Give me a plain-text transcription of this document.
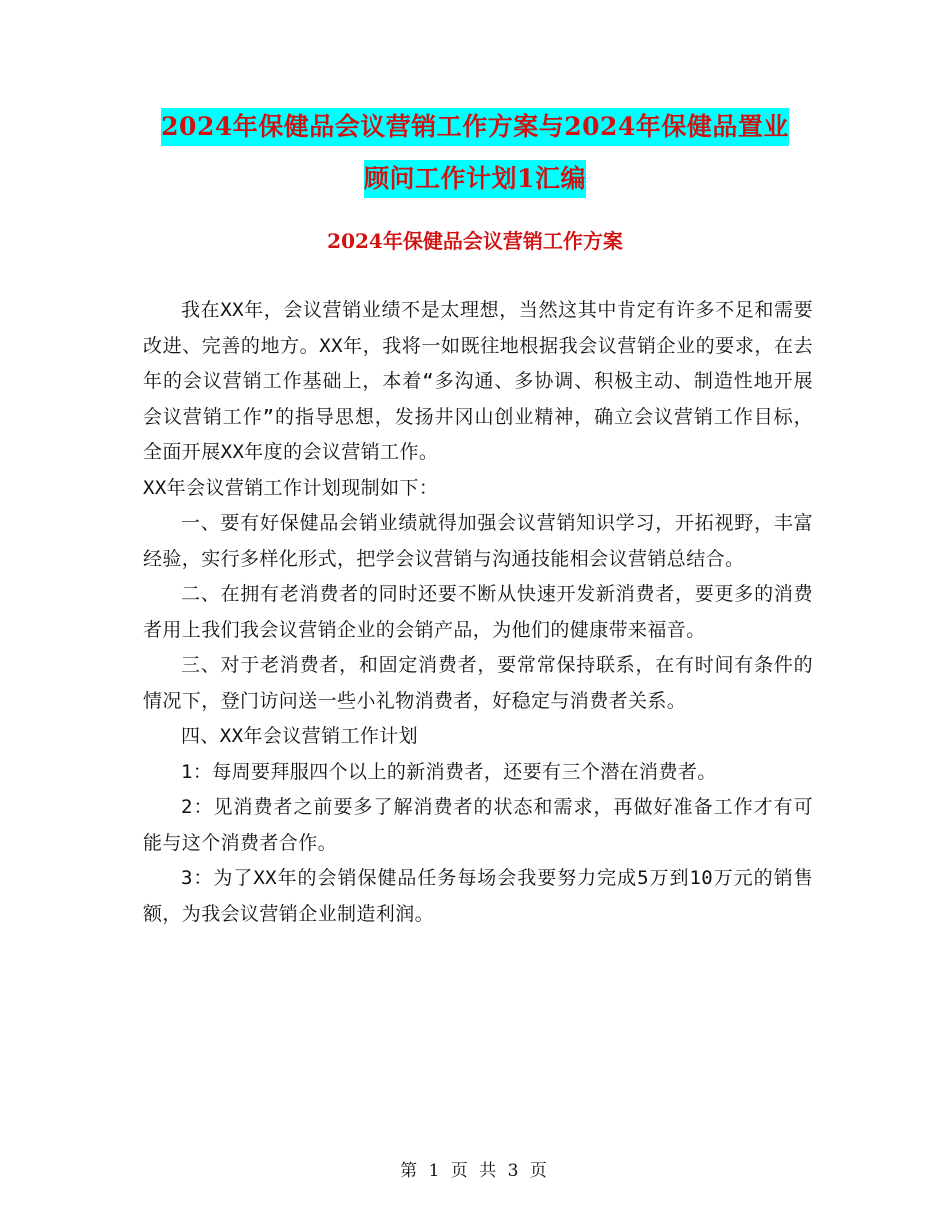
2024年保健品会议营销工作方案与2024年保健品置业
顾问工作计划1汇编
2024年保健品会议营销工作方案

我在XX年，会议营销业绩不是太理想，当然这其中肯定有许多不足和需要改进、完善的地方。XX年，我将一如既往地根据我会议营销企业的要求，在去年的会议营销工作基础上，本着“多沟通、多协调、积极主动、制造性地开展会议营销工作”的指导思想，发扬井冈山创业精神，确立会议营销工作目标，全面开展XX年度的会议营销工作。

XX年会议营销工作计划现制如下：

一、要有好保健品会销业绩就得加强会议营销知识学习，开拓视野，丰富经验，实行多样化形式，把学会议营销与沟通技能相会议营销总结合。

二、在拥有老消费者的同时还要不断从快速开发新消费者，要更多的消费者用上我们我会议营销企业的会销产品，为他们的健康带来福音。

三、对于老消费者，和固定消费者，要常常保持联系，在有时间有条件的情况下，登门访问送一些小礼物消费者，好稳定与消费者关系。

四、XX年会议营销工作计划

1：每周要拜服四个以上的新消费者，还要有三个潜在消费者。

2：见消费者之前要多了解消费者的状态和需求，再做好准备工作才有可能与这个消费者合作。

3：为了XX年的会销保健品任务每场会我要努力完成5万到10万元的销售额，为我会议营销企业制造利润。

第 1 页 共 3 页
